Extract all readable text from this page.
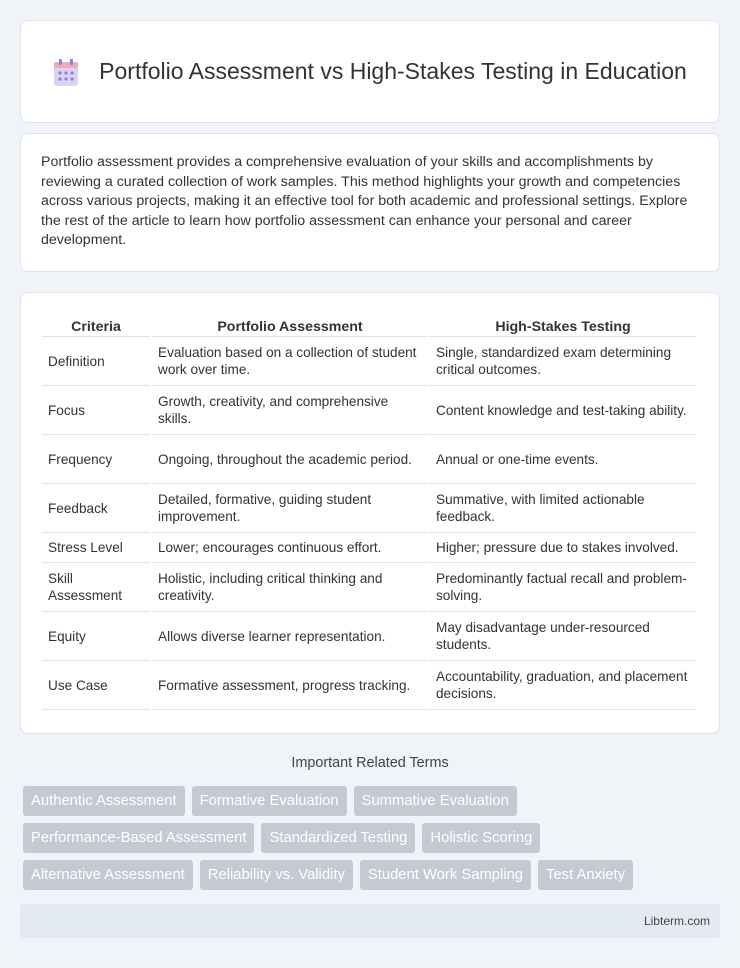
Portfolio Assessment vs High-Stakes Testing in Education

Portfolio assessment provides a comprehensive evaluation of your skills and accomplishments by reviewing a curated collection of work samples. This method highlights your growth and competencies across various projects, making it an effective tool for both academic and professional settings. Explore the rest of the article to learn how portfolio assessment can enhance your personal and career development.

Criteria	Portfolio Assessment	High-Stakes Testing
Definition	Evaluation based on a collection of student work over time.	Single, standardized exam determining critical outcomes.
Focus	Growth, creativity, and comprehensive skills.	Content knowledge and test-taking ability.
Frequency	Ongoing, throughout the academic period.	Annual or one-time events.
Feedback	Detailed, formative, guiding student improvement.	Summative, with limited actionable feedback.
Stress Level	Lower; encourages continuous effort.	Higher; pressure due to stakes involved.
Skill Assessment	Holistic, including critical thinking and creativity.	Predominantly factual recall and problem-solving.
Equity	Allows diverse learner representation.	May disadvantage under-resourced students.
Use Case	Formative assessment, progress tracking.	Accountability, graduation, and placement decisions.
Important Related Terms
Authentic Assessment	Formative Evaluation	Summative Evaluation
Performance-Based Assessment	Standardized Testing	Holistic Scoring
Alternative Assessment	Reliability vs. Validity	Student Work Sampling	Test Anxiety
Libterm.com
